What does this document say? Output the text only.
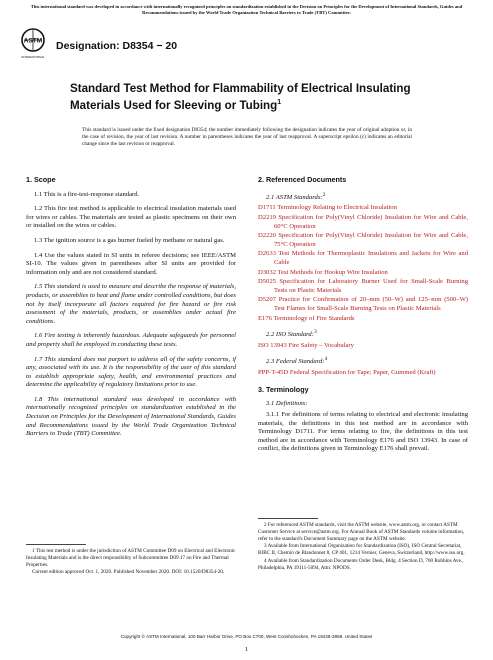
This international standard was developed in accordance with internationally recognized principles on standardization established in the Decision on Principles for the Development of International Standards, Guides and Recommendations issued by the World Trade Organization Technical Barriers to Trade (TBT) Committee.
ASTM
INTERNATIONAL
Designation: D8354 − 20
Standard Test Method for Flammability of Electrical Insulating Materials Used for Sleeving or Tubing$^1$
This standard is issued under the fixed designation D8354; the number immediately following the designation indicates the year of original adoption or, in the case of revision, the year of last revision. A number in parentheses indicates the year of last reapproval. A superscript epsilon (ε) indicates an editorial change since the last revision or reapproval.
1. Scope

1.1 This is a fire-test-response standard.

1.2 This fire test method is applicable to electrical insulation materials used for wires or cables. The materials are tested as plastic specimens on their own or installed on the wires or cables.

1.3 The ignition source is a gas burner fueled by methane or natural gas.

1.4 Use the values stated in SI units in referee decisions; see IEEE/ASTM SI-10. The values given in parentheses after SI units are provided for information only and are not considered standard.

1.5 This standard is used to measure and describe the response of materials, products, or assemblies to heat and flame under controlled conditions, but does not by itself incorporate all factors required for fire hazard or fire risk assessment of the materials, products, or assemblies under actual fire conditions.

1.6 Fire testing is inherently hazardous. Adequate safeguards for personnel and property shall be employed in conducting these tests.

1.7 This standard does not purport to address all of the safety concerns, if any, associated with its use. It is the responsibility of the user of this standard to establish appropriate safety, health, and environmental practices and determine the applicability of regulatory limitations prior to use.

1.8 This international standard was developed in accordance with internationally recognized principles on standardization established in the Decision on Principles for the Development of International Standards, Guides and Recommendations issued by the World Trade Organization Technical Barriers to Trade (TBT) Committee.

2. Referenced Documents
2.1 ASTM Standards:$^2$
D1711 Terminology Relating to Electrical Insulation
D2219 Specification for Poly(Vinyl Chloride) Insulation for Wire and Cable, 60°C Operation
D2220 Specification for Poly(Vinyl Chloride) Insulation for Wire and Cable, 75°C Operation
D2633 Test Methods for Thermoplastic Insulations and Jackets for Wire and Cable
D3032 Test Methods for Hookup Wire Insulation
D5025 Specification for Laboratory Burner Used for Small-Scale Burning Tests on Plastic Materials
D5207 Practice for Confirmation of 20–mm (50–W) and 125–mm (500–W) Test Flames for Small-Scale Burning Tests on Plastic Materials
E176 Terminology of Fire Standards
2.2 ISO Standard:$^3$
ISO 13943 Fire Safety – Vocabulary
2.3 Federal Standard:$^4$
PPP-T-45D Federal Specification for Tape; Paper, Gummed (Kraft)
3. Terminology
3.1 Definitions:

3.1.1 For definitions of terms relating to electrical and electronic insulating materials, the definitions in this test method are in accordance with Terminology D1711. For terms relating to fire, the definitions in this test method are in accordance with Terminology E176 and ISO 13943. In case of conflict, the definitions given in Terminology E176 shall prevail.

1 This test method is under the jurisdiction of ASTM Committee D09 on Electrical and Electronic Insulating Materials and is the direct responsibility of Subcommittee D09.17 on Fire and Thermal Properties.

Current edition approved Oct. 1, 2020. Published November 2020. DOI: 10.1520/D8354-20.

2 For referenced ASTM standards, visit the ASTM website, www.astm.org, or contact ASTM Customer Service at service@astm.org. For Annual Book of ASTM Standards volume information, refer to the standard's Document Summary page on the ASTM website.

3 Available from International Organization for Standardization (ISO), ISO Central Secretariat, BIBC II, Chemin de Blandonnet 8, CP 401, 1214 Vernier, Geneva, Switzerland, http://www.iso.org.

4 Available from Standardization Documents Order Desk, Bldg. 4 Section D, 700 Robbins Ave., Philadelphia, PA 19111-5094, Attn: NPODS.

Copyright © ASTM International, 100 Barr Harbor Drive, PO Box C700, West Conshohocken, PA 19428-2959. United States
1
